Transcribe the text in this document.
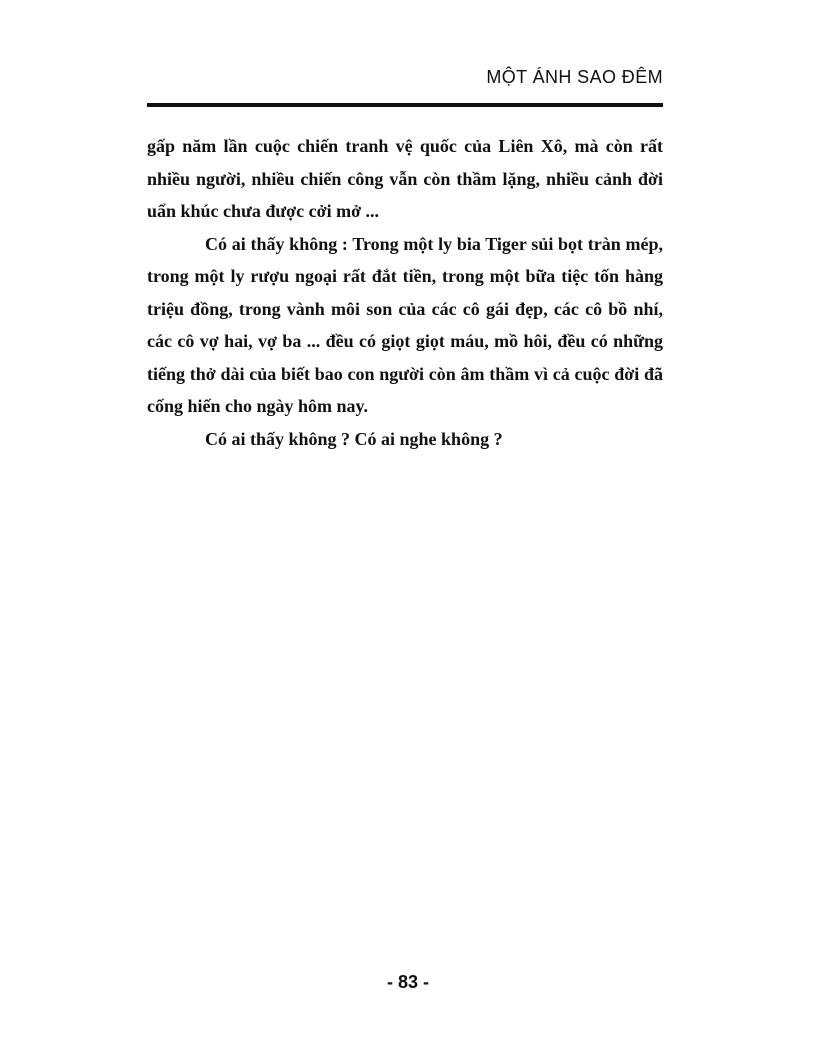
MỘT ÁNH SAO ĐÊM

gấp năm lần cuộc chiến tranh vệ quốc của Liên Xô, mà còn rất nhiều người, nhiều chiến công vẫn còn thầm lặng, nhiều cảnh đời uẩn khúc chưa được cởi mở ...

Có ai thấy không : Trong một ly bia Tiger sủi bọt tràn mép, trong một ly rượu ngoại rất đắt tiền, trong một bữa tiệc tốn hàng triệu đồng, trong vành môi son của các cô gái đẹp, các cô bồ nhí, các cô vợ hai, vợ ba ... đều có giọt giọt máu, mồ hôi, đều có những tiếng thở dài của biết bao con người còn âm thầm vì cả cuộc đời đã cống hiến cho ngày hôm nay.

Có ai thấy không ? Có ai nghe không ?

- 83 -
